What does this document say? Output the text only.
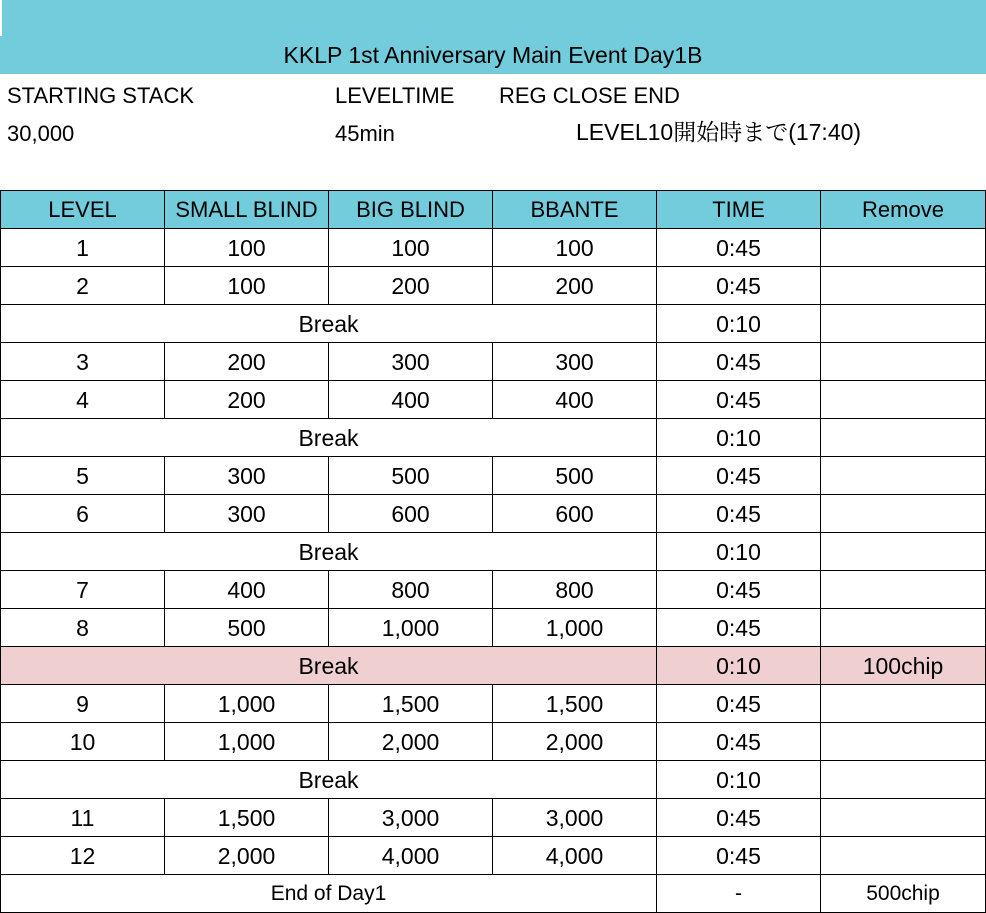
KKLP 1st Anniversary Main Event Day1B
STARTING STACK	LEVELTIME REG CLOSE END
30,000	45min	LEVEL10開始時まで(17:40)
LEVEL	SMALL BLIND	BIG BLIND	BBANTE	TIME	Remove
1	100	100	100	0:45	
2	100	200	200	0:45	
Break				0:10	
3	200	300	300	0:45	
4	200	400	400	0:45	
Break				0:10	
5	300	500	500	0:45	
6	300	600	600	0:45	
Break				0:10	
7	400	800	800	0:45	
8	500	1,000	1,000	0:45	
Break				0:10	100chip
9	1,000	1,500	1,500	0:45	
10	1,000	2,000	2,000	0:45	
Break				0:10	
11	1,500	3,000	3,000	0:45	
12	2,000	4,000	4,000	0:45	
End of Day1				-	500chip
